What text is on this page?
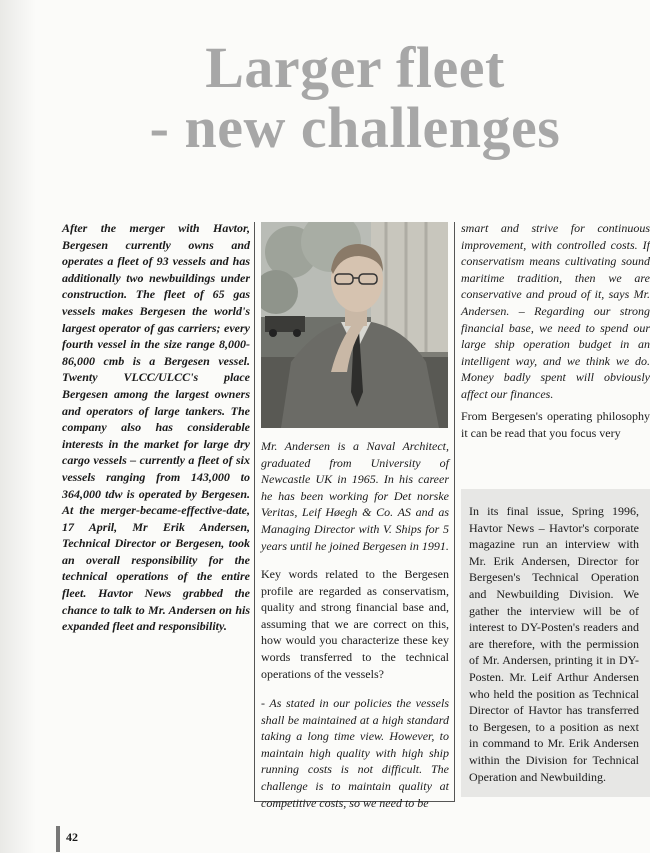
Larger fleet
- new challenges

After the merger with Havtor, Bergesen currently owns and operates a fleet of 93 vessels and has additionally two newbuildings under construction. The fleet of 65 gas vessels makes Bergesen the world's largest operator of gas carriers; every fourth vessel in the size range 8,000-86,000 cmb is a Bergesen vessel. Twenty VLCC/ULCC's place Bergesen among the largest owners and operators of large tankers. The company also has considerable interests in the market for large dry cargo vessels – currently a fleet of six vessels ranging from 143,000 to 364,000 tdw is operated by Bergesen. At the merger-became-effective-date, 17 April, Mr Erik Andersen, Technical Director or Bergesen, took an overall responsibility for the technical operations of the entire fleet. Havtor News grabbed the chance to talk to Mr. Andersen on his expanded fleet and responsibility.

Mr. Andersen is a Naval Architect, graduated from University of Newcastle UK in 1965. In his career he has been working for Det norske Veritas, Leif Høegh & Co. AS and as Managing Director with V. Ships for 5 years until he joined Bergesen in 1991.

Key words related to the Bergesen profile are regarded as conservatism, quality and strong financial base and, assuming that we are correct on this, how would you characterize these key words transferred to the technical operations of the vessels?

- As stated in our policies the vessels shall be maintained at a high standard taking a long time view. However, to maintain high quality with high ship running costs is not difficult. The challenge is to maintain quality at competitive costs, so we need to be

smart and strive for continuous improvement, with controlled costs. If conservatism means cultivating sound maritime tradition, then we are conservative and proud of it, says Mr. Andersen. – Regarding our strong financial base, we need to spend our large ship operation budget in an intelligent way, and we think we do. Money badly spent will obviously affect our finances.

From Bergesen's operating philosophy it can be read that you focus very

In its final issue, Spring 1996, Havtor News – Havtor's corporate magazine run an interview with Mr. Erik Andersen, Director for Bergesen's Technical Operation and Newbuilding Division. We gather the interview will be of interest to DY-Posten's readers and are therefore, with the permission of Mr. Andersen, printing it in DY-Posten. Mr. Leif Arthur Andersen who held the position as Technical Director of Havtor has transferred to Bergesen, to a position as next in command to Mr. Erik Andersen within the Division for Technical Operation and Newbuilding.

42
